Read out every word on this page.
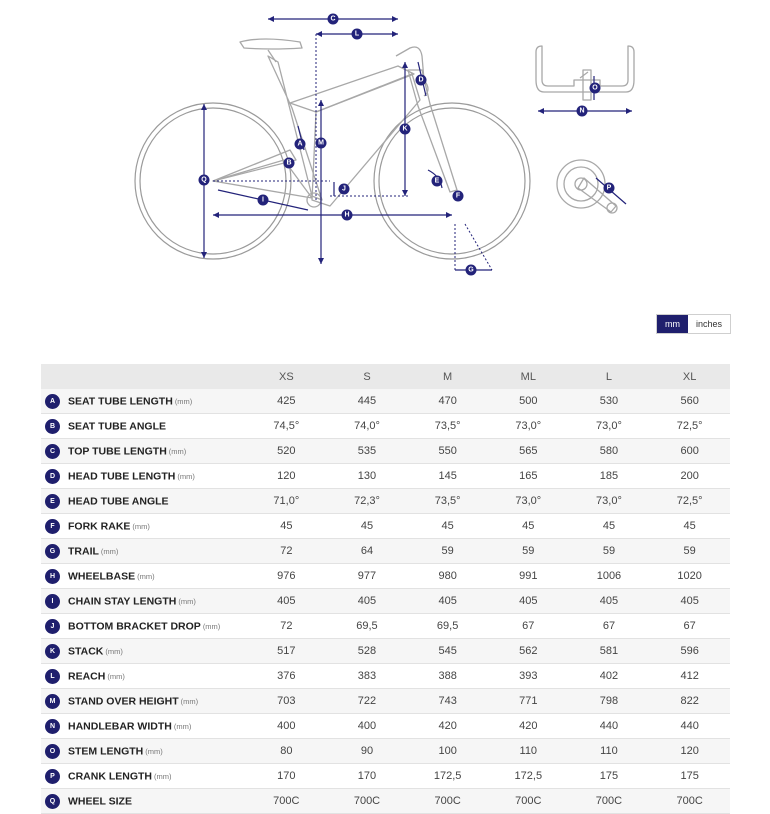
C
L
M
A
B
Q
I
J
H
K
D
E
F
G
O
N
P
mm	inches
	XS	S	M	ML	L	XL
A SEAT TUBE LENGTH (mm)	425	445	470	500	530	560
B SEAT TUBE ANGLE	74,5°	74,0°	73,5°	73,0°	73,0°	72,5°
C TOP TUBE LENGTH (mm)	520	535	550	565	580	600
D HEAD TUBE LENGTH (mm)	120	130	145	165	185	200
E HEAD TUBE ANGLE	71,0°	72,3°	73,5°	73,0°	73,0°	72,5°
F FORK RAKE (mm)	45	45	45	45	45	45
G TRAIL (mm)	72	64	59	59	59	59
H WHEELBASE (mm)	976	977	980	991	1006	1020
I CHAIN STAY LENGTH (mm)	405	405	405	405	405	405
J BOTTOM BRACKET DROP (mm)	72	69,5	69,5	67	67	67
K STACK (mm)	517	528	545	562	581	596
L REACH (mm)	376	383	388	393	402	412
M STAND OVER HEIGHT (mm)	703	722	743	771	798	822
N HANDLEBAR WIDTH (mm)	400	400	420	420	440	440
O STEM LENGTH (mm)	80	90	100	110	110	120
P CRANK LENGTH (mm)	170	170	172,5	172,5	175	175
Q WHEEL SIZE	700C	700C	700C	700C	700C	700C
